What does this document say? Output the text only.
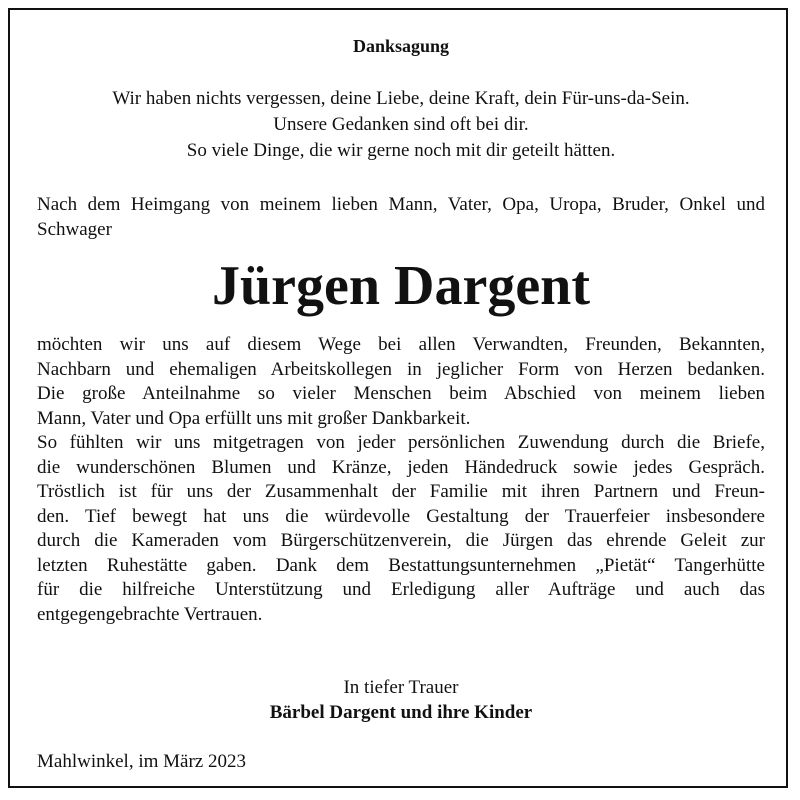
Danksagung
Wir haben nichts vergessen, deine Liebe, deine Kraft, dein Für-uns-da-Sein.
Unsere Gedanken sind oft bei dir.
So viele Dinge, die wir gerne noch mit dir geteilt hätten.
Nach dem Heimgang von meinem lieben Mann, Vater, Opa, Uropa, Bruder, Onkel und Schwager
Jürgen Dargent
möchten wir uns auf diesem Wege bei allen Verwandten, Freunden, Bekannten,
Nachbarn und ehemaligen Arbeitskollegen in jeglicher Form von Herzen bedanken.
Die große Anteilnahme so vieler Menschen beim Abschied von meinem lieben
Mann, Vater und Opa erfüllt uns mit großer Dankbarkeit.
So fühlten wir uns mitgetragen von jeder persönlichen Zuwendung durch die Briefe,
die wunderschönen Blumen und Kränze, jeden Händedruck sowie jedes Gespräch.
Tröstlich ist für uns der Zusammenhalt der Familie mit ihren Partnern und Freun-
den. Tief bewegt hat uns die würdevolle Gestaltung der Trauerfeier insbesondere
durch die Kameraden vom Bürgerschützenverein, die Jürgen das ehrende Geleit zur
letzten Ruhestätte gaben. Dank dem Bestattungsunternehmen „Pietät“ Tangerhütte
für die hilfreiche Unterstützung und Erledigung aller Aufträge und auch das
entgegengebrachte Vertrauen.
In tiefer Trauer
Bärbel Dargent und ihre Kinder
Mahlwinkel, im März 2023
